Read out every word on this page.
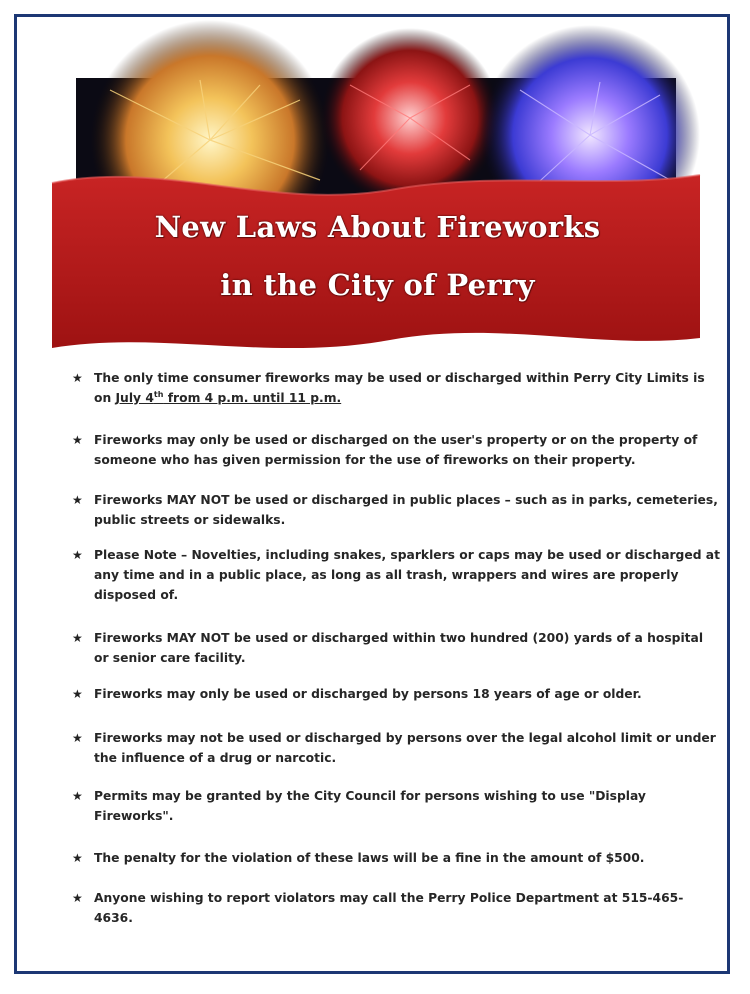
New Laws About Fireworks
in the City of Perry
★ The only time consumer fireworks may be used or discharged within Perry City Limits is on July 4th from 4 p.m. until 11 p.m.
★ Fireworks may only be used or discharged on the user's property or on the property of someone who has given permission for the use of fireworks on their property.
★ Fireworks MAY NOT be used or discharged in public places – such as in parks, cemeteries, public streets or sidewalks.
★ Please Note – Novelties, including snakes, sparklers or caps may be used or discharged at any time and in a public place, as long as all trash, wrappers and wires are properly disposed of.
★ Fireworks MAY NOT be used or discharged within two hundred (200) yards of a hospital or senior care facility.
★ Fireworks may only be used or discharged by persons 18 years of age or older.
★ Fireworks may not be used or discharged by persons over the legal alcohol limit or under the influence of a drug or narcotic.
★ Permits may be granted by the City Council for persons wishing to use "Display Fireworks".
★ The penalty for the violation of these laws will be a fine in the amount of $500.
★ Anyone wishing to report violators may call the Perry Police Department at 515-465-4636.
